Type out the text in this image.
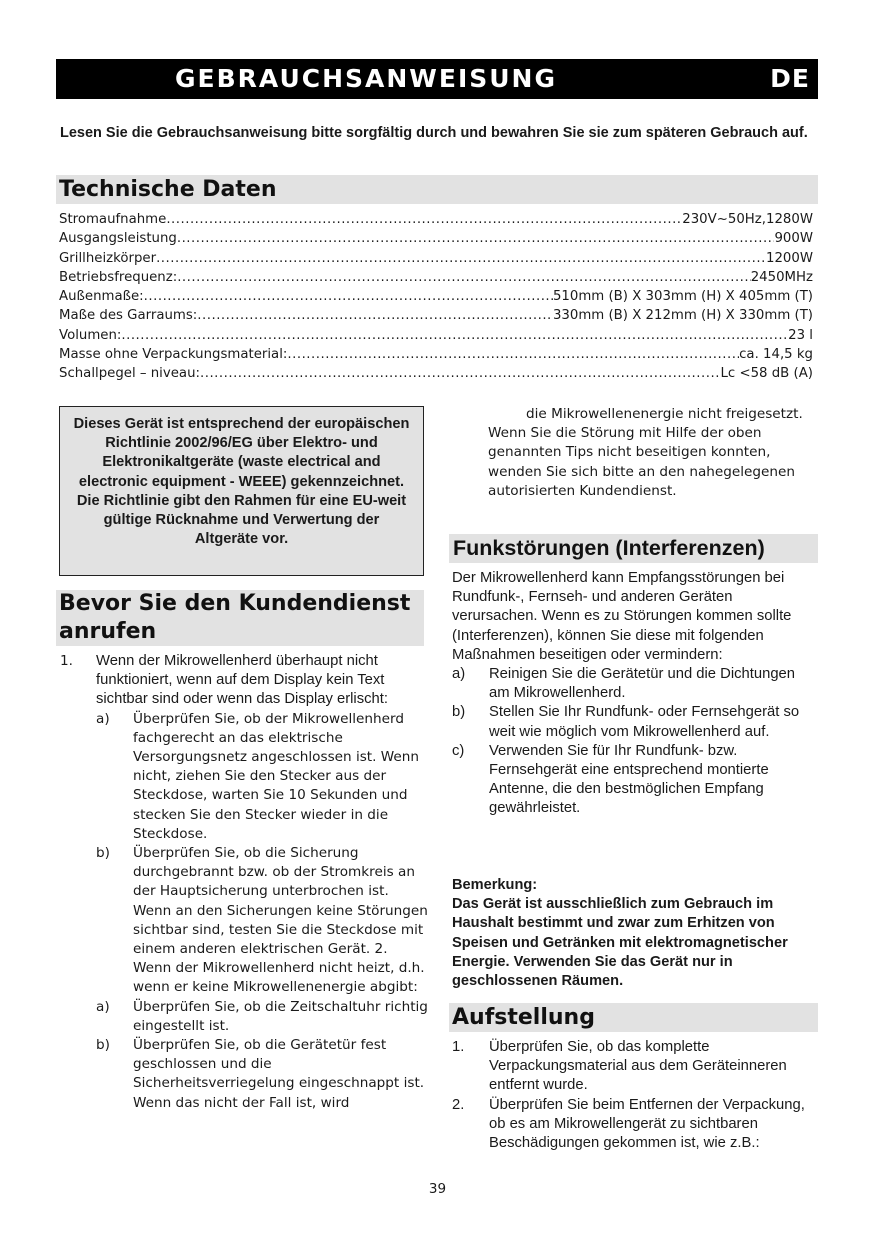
GEBRAUCHSANWEISUNG	DE
Lesen Sie die Gebrauchsanweisung bitte sorgfältig durch und bewahren Sie sie zum späteren Gebrauch auf.
Technische Daten
Stromaufnahme .....	230V~50Hz,1280W
Ausgangsleistung .....	900W
Grillheizkörper .....	1200W
Betriebsfrequenz: .....	2450MHz
Außenmaße: .....	510mm (B) X 303mm (H) X 405mm (T)
Maße des Garraums: .....	330mm (B) X 212mm (H) X 330mm (T)
Volumen: .....	23 l
Masse ohne Verpackungsmaterial: .....	ca. 14,5 kg
Schallpegel – niveau: .....	Lc <58 dB (A)
Dieses Gerät ist entsprechend der europäischen Richtlinie 2002/96/EG über Elektro- und Elektronikaltgeräte (waste electrical and electronic equipment - WEEE) gekennzeichnet. Die Richtlinie gibt den Rahmen für eine EU-weit gültige Rücknahme und Verwertung der Altgeräte vor.
Bevor Sie den Kundendienst anrufen
1. Wenn der Mikrowellenherd überhaupt nicht funktioniert, wenn auf dem Display kein Text sichtbar sind oder wenn das Display erlischt:
a) Überprüfen Sie, ob der Mikrowellenherd fachgerecht an das elektrische Versorgungsnetz angeschlossen ist. Wenn nicht, ziehen Sie den Stecker aus der Steckdose, warten Sie 10 Sekunden und stecken Sie den Stecker wieder in die Steckdose.
b) Überprüfen Sie, ob die Sicherung durchgebrannt bzw. ob der Stromkreis an der Hauptsicherung unterbrochen ist. Wenn an den Sicherungen keine Störungen sichtbar sind, testen Sie die Steckdose mit einem anderen elektrischen Gerät. 2. Wenn der Mikrowellenherd nicht heizt, d.h. wenn er keine Mikrowellenenergie abgibt:
a) Überprüfen Sie, ob die Zeitschaltuhr richtig eingestellt ist.
b) Überprüfen Sie, ob die Gerätetür fest geschlossen und die Sicherheitsverriegelung eingeschnappt ist. Wenn das nicht der Fall ist, wird
die Mikrowellenenergie nicht freigesetzt.
Wenn Sie die Störung mit Hilfe der oben genannten Tips nicht beseitigen konnten, wenden Sie sich bitte an den nahegelegenen autorisierten Kundendienst.
Funkstörungen (Interferenzen)
Der Mikrowellenherd kann Empfangsstörungen bei Rundfunk-, Fernseh- und anderen Geräten verursachen. Wenn es zu Störungen kommen sollte (Interferenzen), können Sie diese mit folgenden Maßnahmen beseitigen oder vermindern:
a) Reinigen Sie die Gerätetür und die Dichtungen am Mikrowellenherd.
b) Stellen Sie Ihr Rundfunk- oder Fernsehgerät so weit wie möglich vom Mikrowellenherd auf.
c) Verwenden Sie für Ihr Rundfunk- bzw. Fernsehgerät eine entsprechend montierte Antenne, die den bestmöglichen Empfang gewährleistet.
Bemerkung:
Das Gerät ist ausschließlich zum Gebrauch im Haushalt bestimmt und zwar zum Erhitzen von Speisen und Getränken mit elektromagnetischer Energie. Verwenden Sie das Gerät nur in geschlossenen Räumen.
Aufstellung
1. Überprüfen Sie, ob das komplette Verpackungsmaterial aus dem Geräteinneren entfernt wurde.
2. Überprüfen Sie beim Entfernen der Verpackung, ob es am Mikrowellengerät zu sichtbaren Beschädigungen gekommen ist, wie z.B.:
39
